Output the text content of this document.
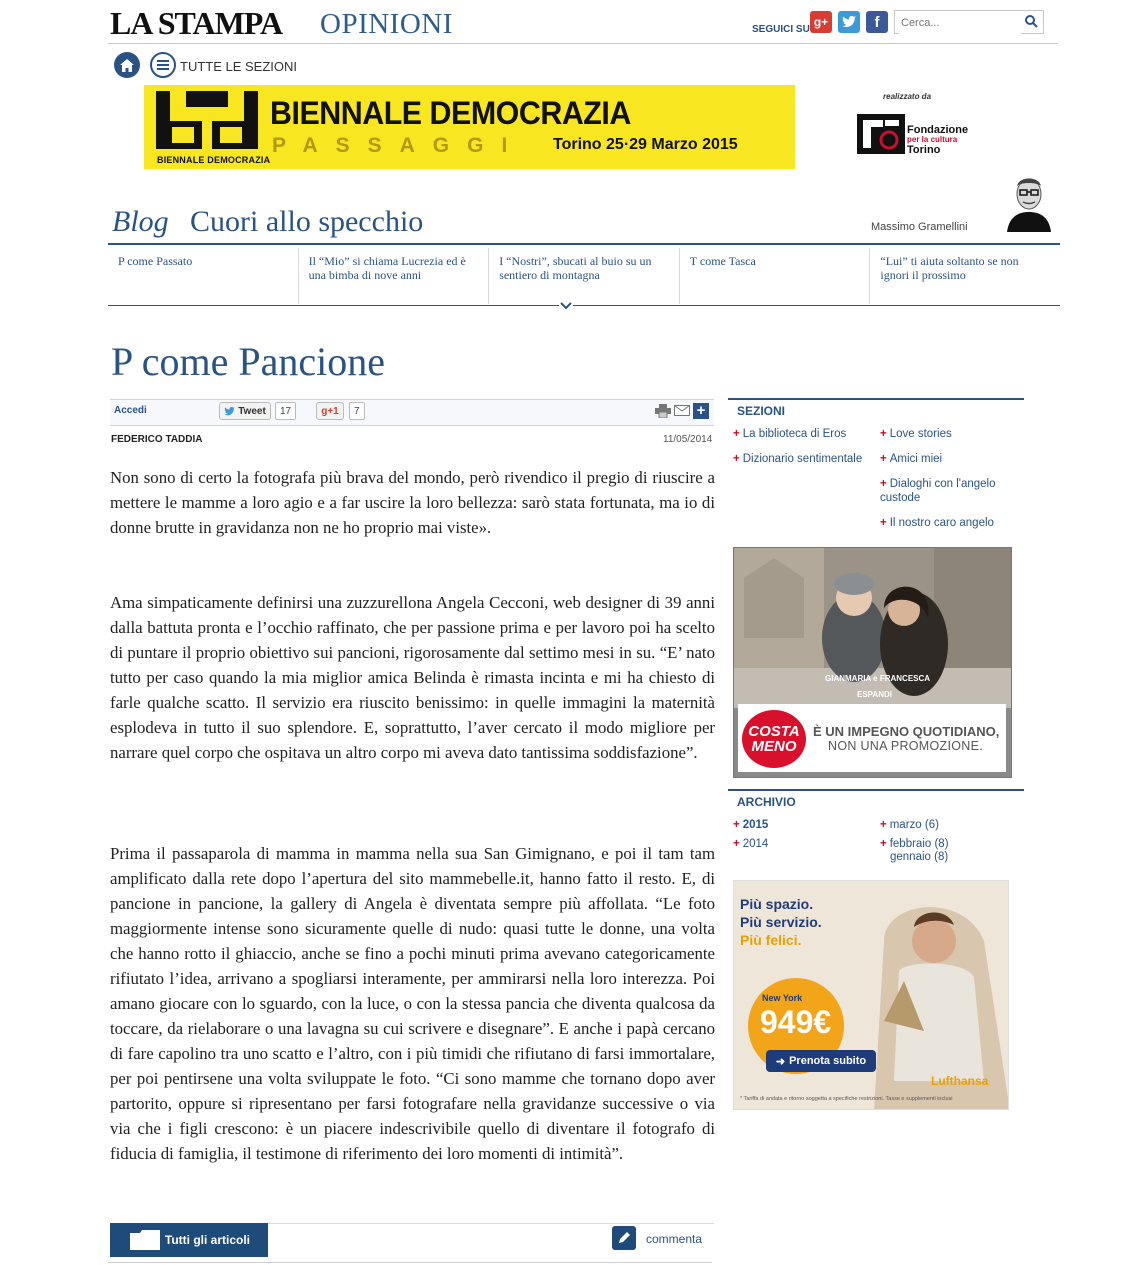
LA STAMPA OPINIONI	SEGUICI SU
g+	f
Cerca...
TUTTE LE SEZIONI
BIENNALE DEMOCRAZIA
BIENNALE DEMOCRAZIA
PASSAGGI Torino 25·29 Marzo 2015
realizzato da
Fondazione
per la cultura
Torino
Blog Cuori allo specchio	Massimo Gramellini
P come Passato	Il “Mio” si chiama Lucrezia ed è una bimba di nove anni
I “Nostri”, sbucati al buio su un sentiero di montagna
T come Tasca	“Lui” ti aiuta soltanto se non ignori il prossimo
P come Pancione
Accedi	Tweet	17	g+1	7	+
FEDERICO TADDIA	11/05/2014

Non sono di certo la fotografa più brava del mondo, però rivendico il pregio di riuscire a mettere le mamme a loro agio e a far uscire la loro bellezza: sarò stata fortunata, ma io di donne brutte in gravidanza non ne ho proprio mai viste».

Ama simpaticamente definirsi una zuzzurellona Angela Cecconi, web designer di 39 anni dalla battuta pronta e l’occhio raffinato, che per passione prima e per lavoro poi ha scelto di puntare il proprio obiettivo sui pancioni, rigorosamente dal settimo mesi in su. “E’ nato tutto per caso quando la mia miglior amica Belinda è rimasta incinta e mi ha chiesto di farle qualche scatto. Il servizio era riuscito benissimo: in quelle immagini la maternità esplodeva in tutto il suo splendore. E, soprattutto, l’aver cercato il modo migliore per narrare quel corpo che ospitava un altro corpo mi aveva dato tantissima soddisfazione”.

Prima il passaparola di mamma in mamma nella sua San Gimignano, e poi il tam tam amplificato dalla rete dopo l’apertura del sito mammebelle.it, hanno fatto il resto. E, di pancione in pancione, la gallery di Angela è diventata sempre più affollata. “Le foto maggiormente intense sono sicuramente quelle di nudo: quasi tutte le donne, una volta che hanno rotto il ghiaccio, anche se fino a pochi minuti prima avevano categoricamente rifiutato l’idea, arrivano a spogliarsi interamente, per ammirarsi nella loro interezza. Poi amano giocare con lo sguardo, con la luce, o con la stessa pancia che diventa qualcosa da toccare, da rielaborare o una lavagna su cui scrivere e disegnare”. E anche i papà cercano di fare capolino tra uno scatto e l’altro, con i più timidi che rifiutano di farsi immortalare, per poi pentirsene una volta sviluppate le foto. “Ci sono mamme che tornano dopo aver partorito, oppure si ripresentano per farsi fotografare nella gravidanze successive o via via che i figli crescono: è un piacere indescrivibile quello di diventare il fotografo di fiducia di famiglia, il testimone di riferimento dei loro momenti di intimità”.

Tutti gli articoli	commenta
SEZIONI
+ La biblioteca di Eros
+ Dizionario sentimentale
+ Love stories
+ Amici miei
+ Dialoghi con l'angelo custode
+ Il nostro caro angelo
GIANMARIA e FRANCESCA
ESPANDI
COSTA
MENO
È UN IMPEGNO QUOTIDIANO,
NON UNA PROMOZIONE.
ARCHIVIO
+ 2015
+ 2014
+ marzo (6)
+ febbraio (8)
gennaio (8)
Più spazio.
Più servizio.
Più felici.
New York
949€
➜ Prenota subito
Lufthansa
* Tariffa di andata e ritorno soggetta a specifiche restrizioni. Tasse e supplementi inclusi
